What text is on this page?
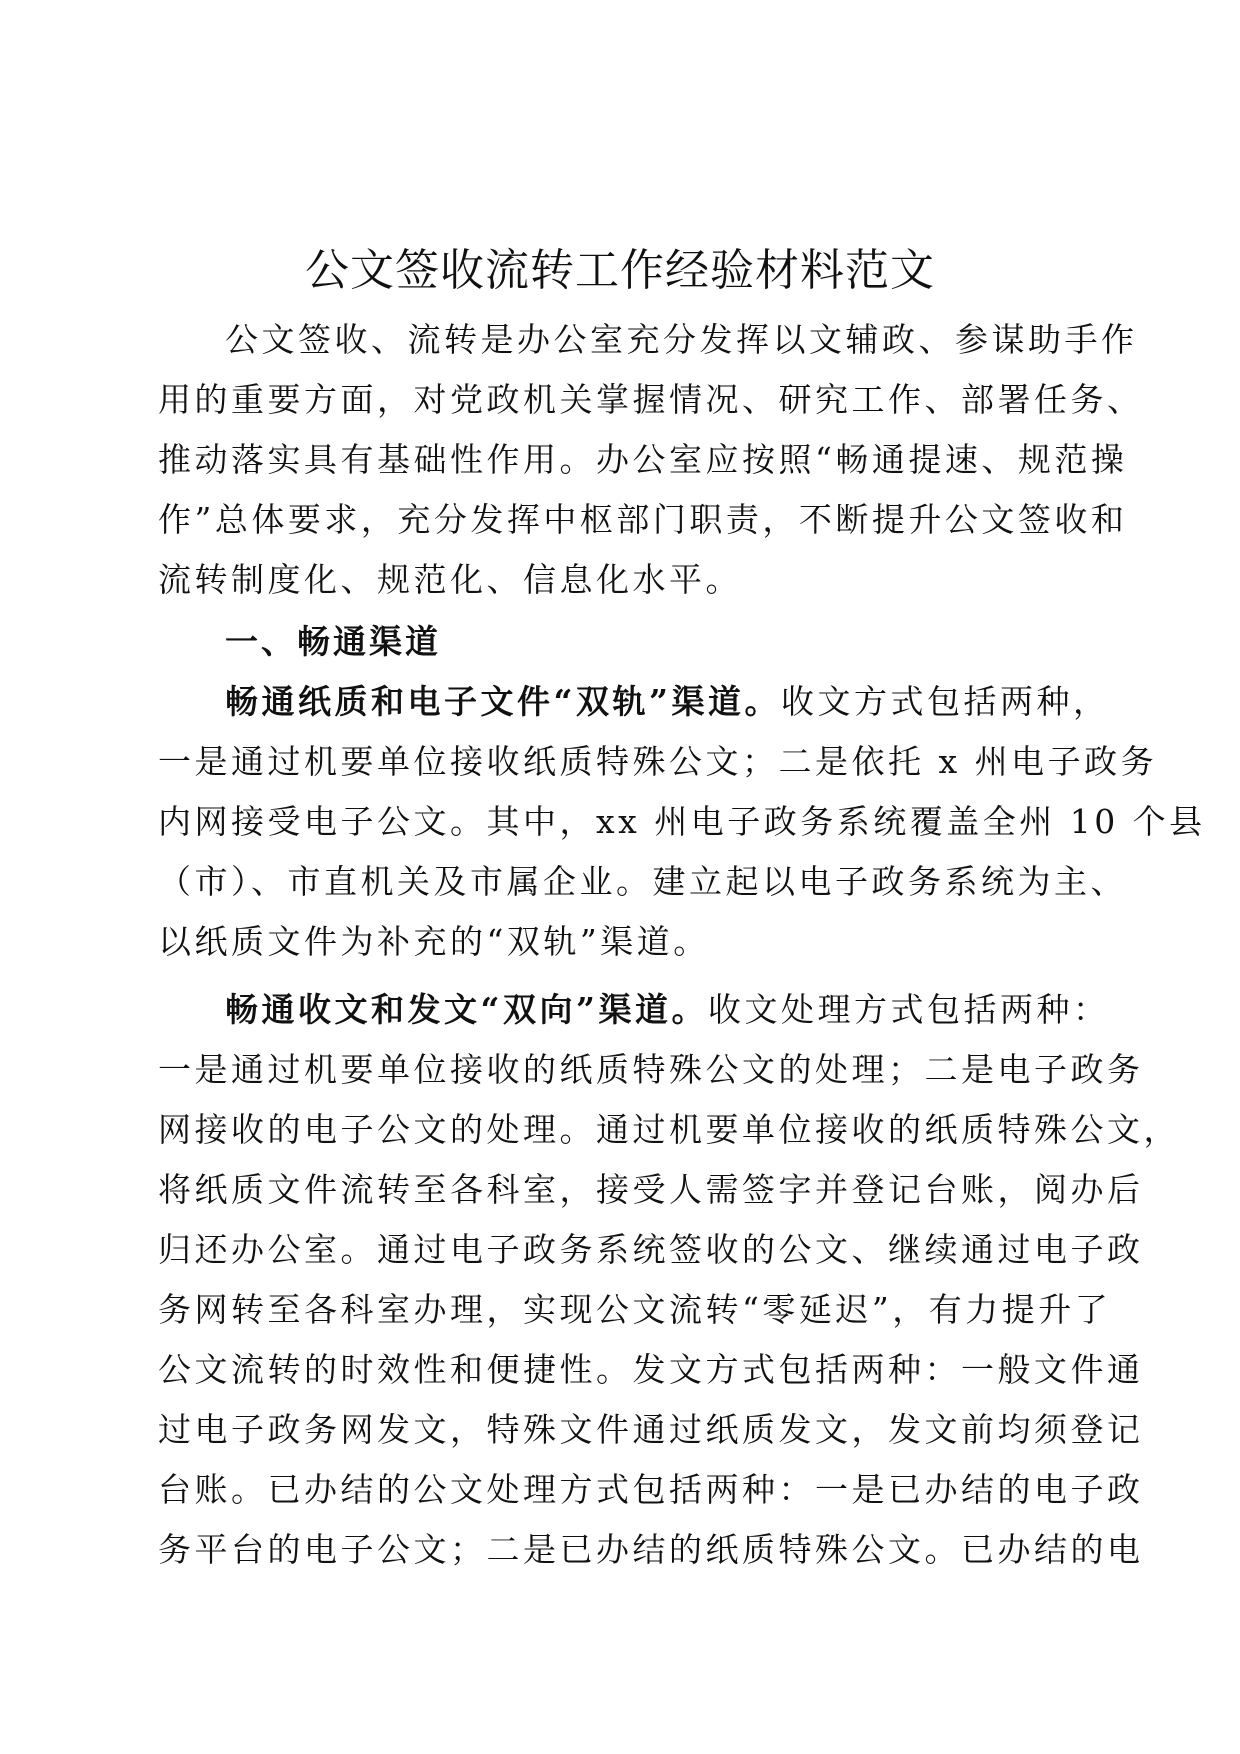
公文签收流转工作经验材料范文
公文签收、流转是办公室充分发挥以文辅政、参谋助手作
用的重要方面，对党政机关掌握情况、研究工作、部署任务、
推动落实具有基础性作用。办公室应按照“畅通提速、规范操
作”总体要求，充分发挥中枢部门职责，不断提升公文签收和
流转制度化、规范化、信息化水平。
一、畅通渠道
畅通纸质和电子文件“双轨”渠道。收文方式包括两种，
一是通过机要单位接收纸质特殊公文；二是依托 x 州电子政务
内网接受电子公文。其中，xx 州电子政务系统覆盖全州 10 个县
（市）、市直机关及市属企业。建立起以电子政务系统为主、
以纸质文件为补充的“双轨”渠道。
畅通收文和发文“双向”渠道。收文处理方式包括两种：
一是通过机要单位接收的纸质特殊公文的处理；二是电子政务
网接收的电子公文的处理。通过机要单位接收的纸质特殊公文，
将纸质文件流转至各科室，接受人需签字并登记台账，阅办后
归还办公室。通过电子政务系统签收的公文、继续通过电子政
务网转至各科室办理，实现公文流转“零延迟”，有力提升了
公文流转的时效性和便捷性。发文方式包括两种：一般文件通
过电子政务网发文，特殊文件通过纸质发文，发文前均须登记
台账。已办结的公文处理方式包括两种：一是已办结的电子政
务平台的电子公文；二是已办结的纸质特殊公文。已办结的电
